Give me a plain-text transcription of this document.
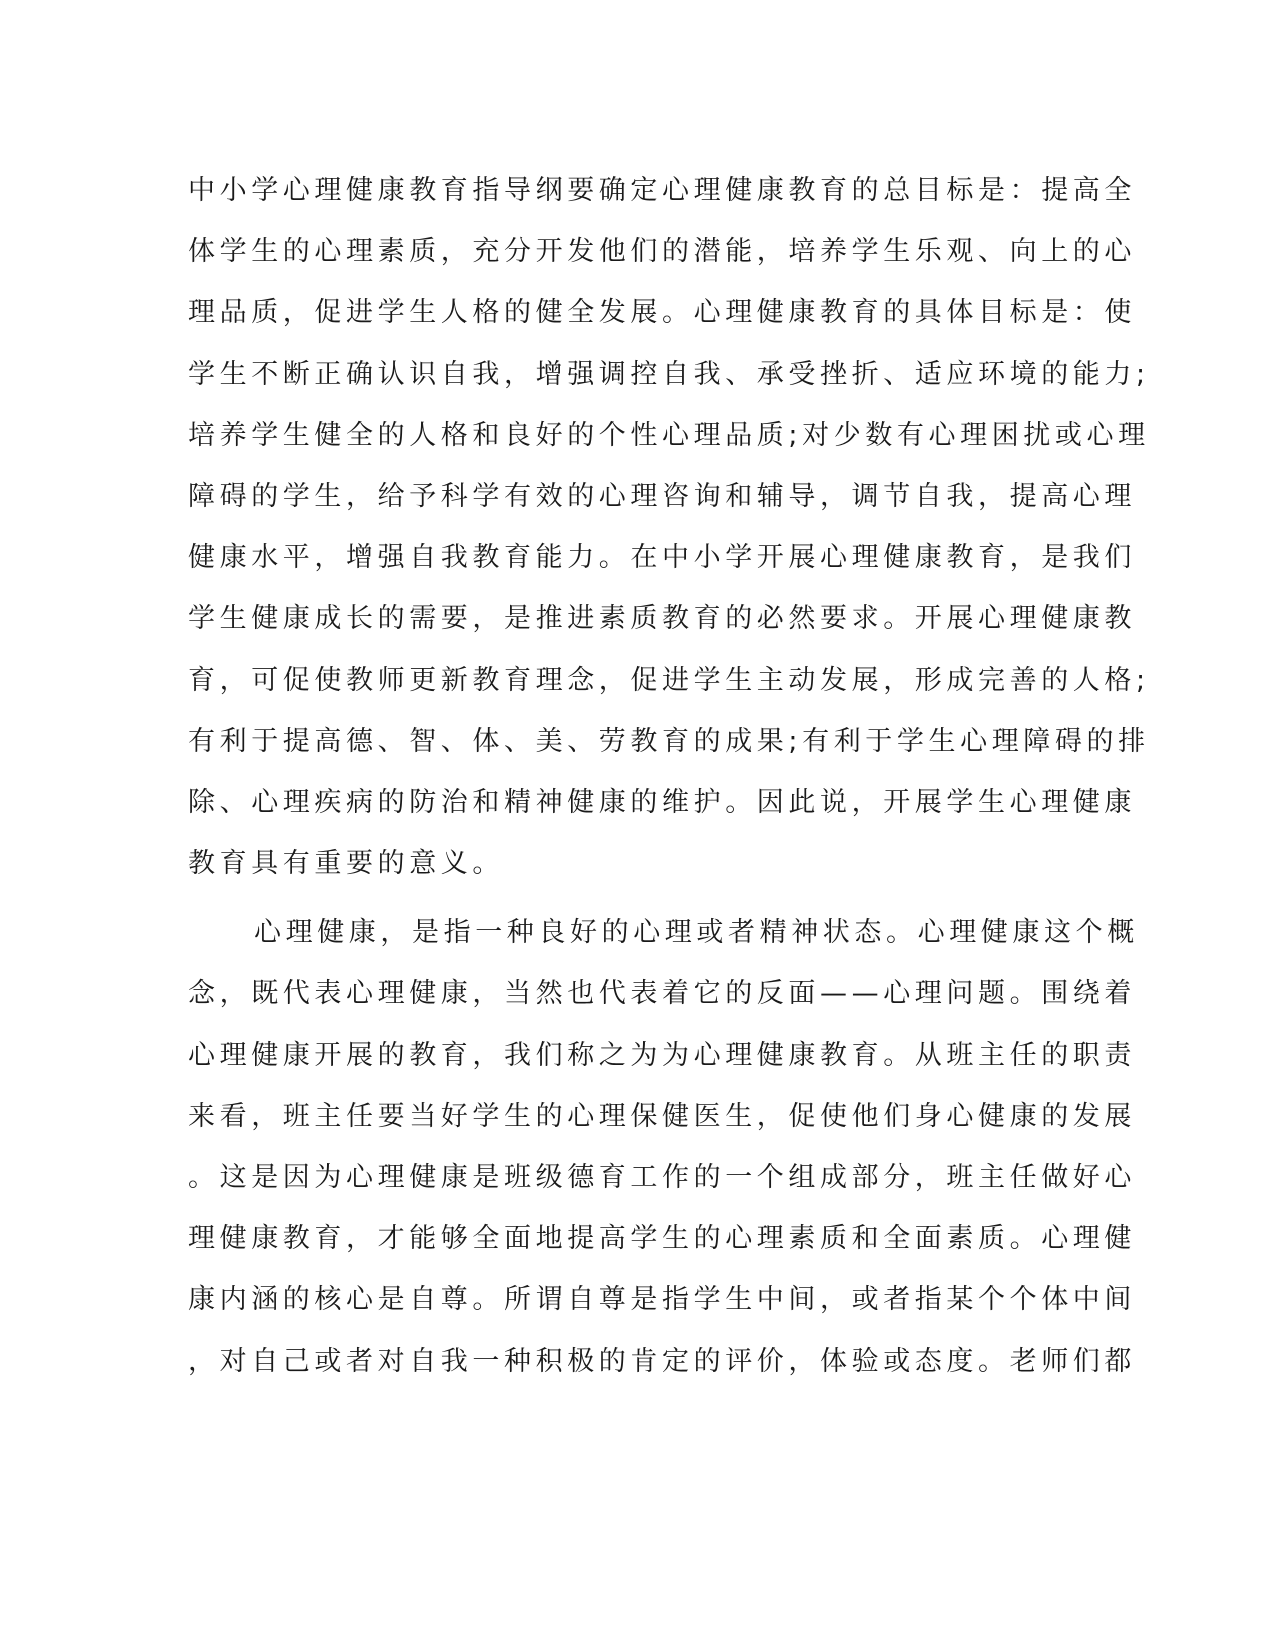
中小学心理健康教育指导纲要确定心理健康教育的总目标是：提高全
体学生的心理素质，充分开发他们的潜能，培养学生乐观、向上的心
理品质，促进学生人格的健全发展。心理健康教育的具体目标是：使
学生不断正确认识自我，增强调控自我、承受挫折、适应环境的能力;
培养学生健全的人格和良好的个性心理品质;对少数有心理困扰或心理
障碍的学生，给予科学有效的心理咨询和辅导，调节自我，提高心理
健康水平，增强自我教育能力。在中小学开展心理健康教育，是我们
学生健康成长的需要，是推进素质教育的必然要求。开展心理健康教
育，可促使教师更新教育理念，促进学生主动发展，形成完善的人格;
有利于提高德、智、体、美、劳教育的成果;有利于学生心理障碍的排
除、心理疾病的防治和精神健康的维护。因此说，开展学生心理健康
教育具有重要的意义。
心理健康，是指一种良好的心理或者精神状态。心理健康这个概
念，既代表心理健康，当然也代表着它的反面——心理问题。围绕着
心理健康开展的教育，我们称之为为心理健康教育。从班主任的职责
来看，班主任要当好学生的心理保健医生，促使他们身心健康的发展
。这是因为心理健康是班级德育工作的一个组成部分，班主任做好心
理健康教育，才能够全面地提高学生的心理素质和全面素质。心理健
康内涵的核心是自尊。所谓自尊是指学生中间，或者指某个个体中间
，对自己或者对自我一种积极的肯定的评价，体验或态度。老师们都
